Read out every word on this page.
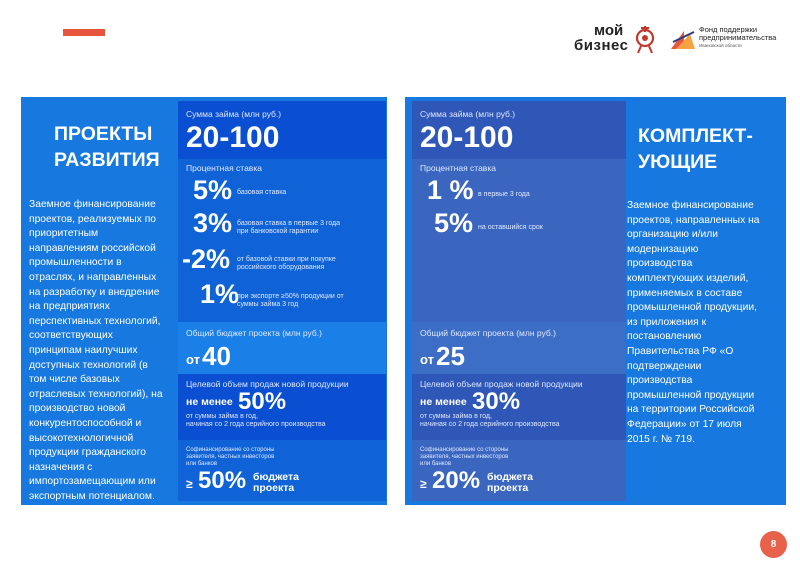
мой
бизнес
Фонд поддержки
предпринимательства
Ивановской области
ПРОЕКТЫ
РАЗВИТИЯ
Заемное финансирование
проектов, реализуемых по
приоритетным
направлениям российской
промышленности в
отраслях, и направленных
на разработку и внедрение
на предприятиях
перспективных технологий,
соответствующих
принципам наилучших
доступных технологий (в
том числе базовых
отраслевых технологий), на
производство новой
конкурентоспособной и
высокотехнологичной
продукции гражданского
назначения с
импортозамещающим или
экспортным потенциалом.
Сумма займа (млн руб.)
20-100
Процентная ставка
5% базовая ставка
3% базовая ставка в первые 3 года
при банковской гарантии
-2% от базовой ставки при покупке
российского оборудования
1%
при экспорте ≥50% продукции от
суммы займа 3 год
Общий бюджет проекта (млн руб.)
от 40
Целевой объем продаж новой продукции
не менее 50%
от суммы займа в год,
начиная со 2 года серийного производства
Софинансирование со стороны
заявителя, частных инвесторов
или банков
≥ 50% бюджета
проекта
Сумма займа (млн руб.)
20-100
Процентная ставка
1 % в первые 3 года
5% на оставшийся срок
Общий бюджет проекта (млн руб.)
от 25
Целевой объем продаж новой продукции
не менее 30%
от суммы займа в год,
начиная со 2 года серийного производства
Софинансирование со стороны
заявителя, частных инвесторов
или банков
≥ 20% бюджета
проекта
КОМПЛЕКТ-
УЮЩИЕ
Заемное финансирование
проектов, направленных на
организацию и/или
модернизацию
производства
комплектующих изделий,
применяемых в составе
промышленной продукции,
из приложения к
постановлению
Правительства РФ «О
подтверждении
производства
промышленной продукции
на территории Российской
Федерации» от 17 июля
2015 г. № 719.
8
